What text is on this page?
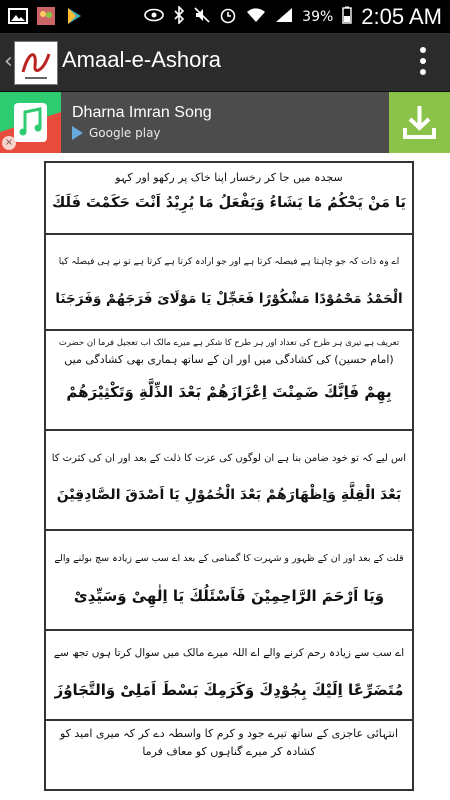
39% 2:05 AM
‹ Amaal-e-Ashora
×
Dharna Imran Song
Google play
سجدہ میں جا کر رخسار اپنا خاک پر رکھو اور کہو
یَا مَنْ یَحْکُمُ مَا یَشَاءُ وَیَفْعَلُ مَا یُرِیْدُ اَنْتَ حَکَمْتَ فَلَكَ
اے وہ ذات کہ جو چاہتا ہے فیصلہ کرتا ہے اور جو ارادہ کرتا ہے کرتا ہے تو نے ہی فیصلہ کیا
الْحَمْدُ مَحْمُوْدًا مَشْکُوْرًا فَعَجِّلْ یَا مَوْلَایَ فَرَجَهُمْ وَفَرَجَنَا
تعریف ہے تیری ہر طرح کی تعداد اور ہر طرح کا شکر ہے میرے مالک اب تعجیل فرما ان حضرت
(امام حسین) کی کشادگی میں اور ان کے ساتھ ہماری بھی کشادگی میں
بِهِمْ فَاِنَّكَ ضَمِنْتَ اِعْزَازَهُمْ بَعْدَ الذِّلَّةِ وَتَکْثِیْرَهُمْ
اس لیے کہ تو خود ضامن بنا ہے ان لوگوں کی عزت کا ذلت کے بعد اور ان کی کثرت کا
بَعْدَ الْقِلَّةِ وَاِظْهَارَهُمْ بَعْدَ الْخُمُوْلِ یَا اَصْدَقَ الصَّادِقِیْنَ
قلت کے بعد اور ان کے ظہور و شہرت کا گمنامی کے بعد اے سب سے زیادہ سچ بولنے والے
وَیَا اَرْحَمَ الرَّاحِمِیْنَ فَاَسْئَلُكَ یَا اِلٰهِیْ وَسَیِّدِیْ
اے سب سے زیادہ رحم کرنے والے اے اللہ میرے مالک میں سوال کرتا ہوں تجھ سے
مُتَضَرِّعًا اِلَیْكَ بِجُوْدِكَ وَکَرَمِكَ بَسْطَ اَمَلِیْ وَالتَّجَاوُزَ
انتہائی عاجزی کے ساتھ تیرے جود و کرم کا واسطہ دے کر کہ میری امید کو
کشادہ کر میرے گناہوں کو معاف فرما
